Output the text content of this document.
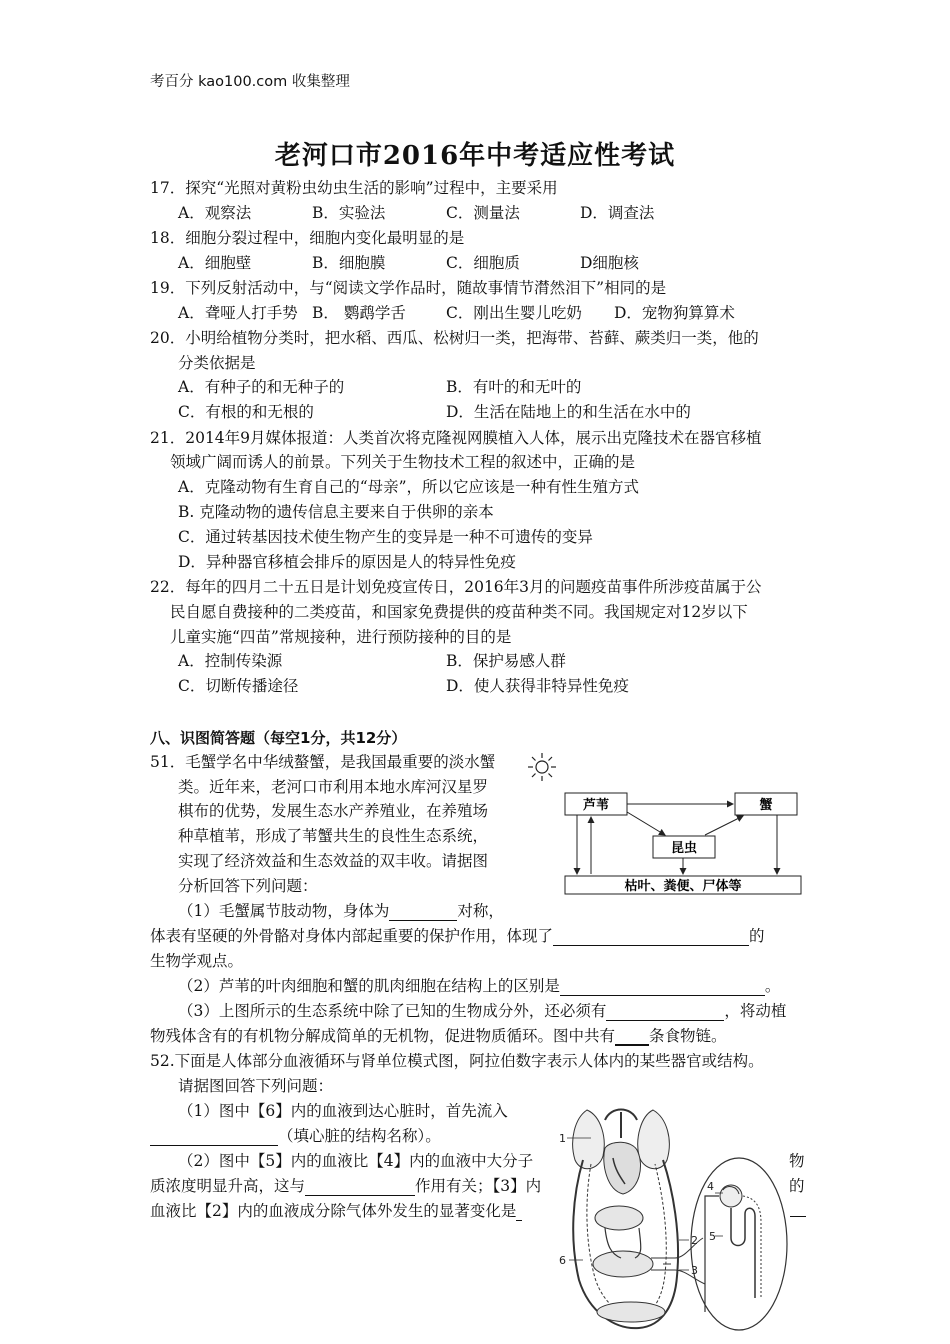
考百分 kao100.com 收集整理
老河口市2016年中考适应性考试
17．探究“光照对黄粉虫幼虫生活的影响”过程中，主要采用
A．观察法	B．实验法	C．测量法	D．调查法
18．细胞分裂过程中，细胞内变化最明显的是
A．细胞壁	B．细胞膜	C．细胞质	D细胞核
19．下列反射活动中，与“阅读文学作品时，随故事情节潸然泪下”相同的是
A．聋哑人打手势 B． 鹦鹉学舌	C．刚出生婴儿吃奶 D．宠物狗算算术
20．小明给植物分类时，把水稻、西瓜、松树归一类，把海带、苔藓、蕨类归一类，他的
分类依据是
A．有种子的和无种子的	B．有叶的和无叶的
C．有根的和无根的	D．生活在陆地上的和生活在水中的
21．2014年9月媒体报道：人类首次将克隆视网膜植入人体，展示出克隆技术在器官移植
领域广阔而诱人的前景。下列关于生物技术工程的叙述中，正确的是
A．克隆动物有生育自己的“母亲”，所以它应该是一种有性生殖方式
B. 克隆动物的遗传信息主要来自于供卵的亲本
C．通过转基因技术使生物产生的变异是一种不可遗传的变异
D．异种器官移植会排斥的原因是人的特异性免疫
22．每年的四月二十五日是计划免疫宣传日，2016年3月的问题疫苗事件所涉疫苗属于公
民自愿自费接种的二类疫苗，和国家免费提供的疫苗种类不同。我国规定对12岁以下
儿童实施“四苗”常规接种，进行预防接种的目的是
A．控制传染源	B．保护易感人群
C．切断传播途径	D．使人获得非特异性免疫
八、识图简答题（每空1分，共12分）
51．毛蟹学名中华绒螯蟹，是我国最重要的淡水蟹
类。近年来，老河口市利用本地水库河汉星罗
棋布的优势，发展生态水产养殖业，在养殖场
种草植苇，形成了苇蟹共生的良性生态系统，
实现了经济效益和生态效益的双丰收。请据图
分析回答下列问题：
芦苇	蟹
昆虫
枯叶、粪便、尸体等
（1）毛蟹属节肢动物，身体为	对称，
体表有坚硬的外骨骼对身体内部起重要的保护作用，体现了	的
生物学观点。
（2）芦苇的叶肉细胞和蟹的肌肉细胞在结构上的区别是	。
（3）上图所示的生态系统中除了已知的生物成分外，还必须有	，将动植
物残体含有的有机物分解成简单的无机物，促进物质循环。图中共有 条食物链。
52.下面是人体部分血液循环与肾单位模式图，阿拉伯数字表示人体内的某些器官或结构。
请据图回答下列问题：
（1）图中【6】内的血液到达心脏时，首先流入
（填心脏的结构名称）。
（2）图中【5】内的血液比【4】内的血液中大分子	物
质浓度明显升高，这与	作用有关；【3】内	的
血液比【2】内的血液成分除气体外发生的显著变化是
1
2
3
4
5
6
